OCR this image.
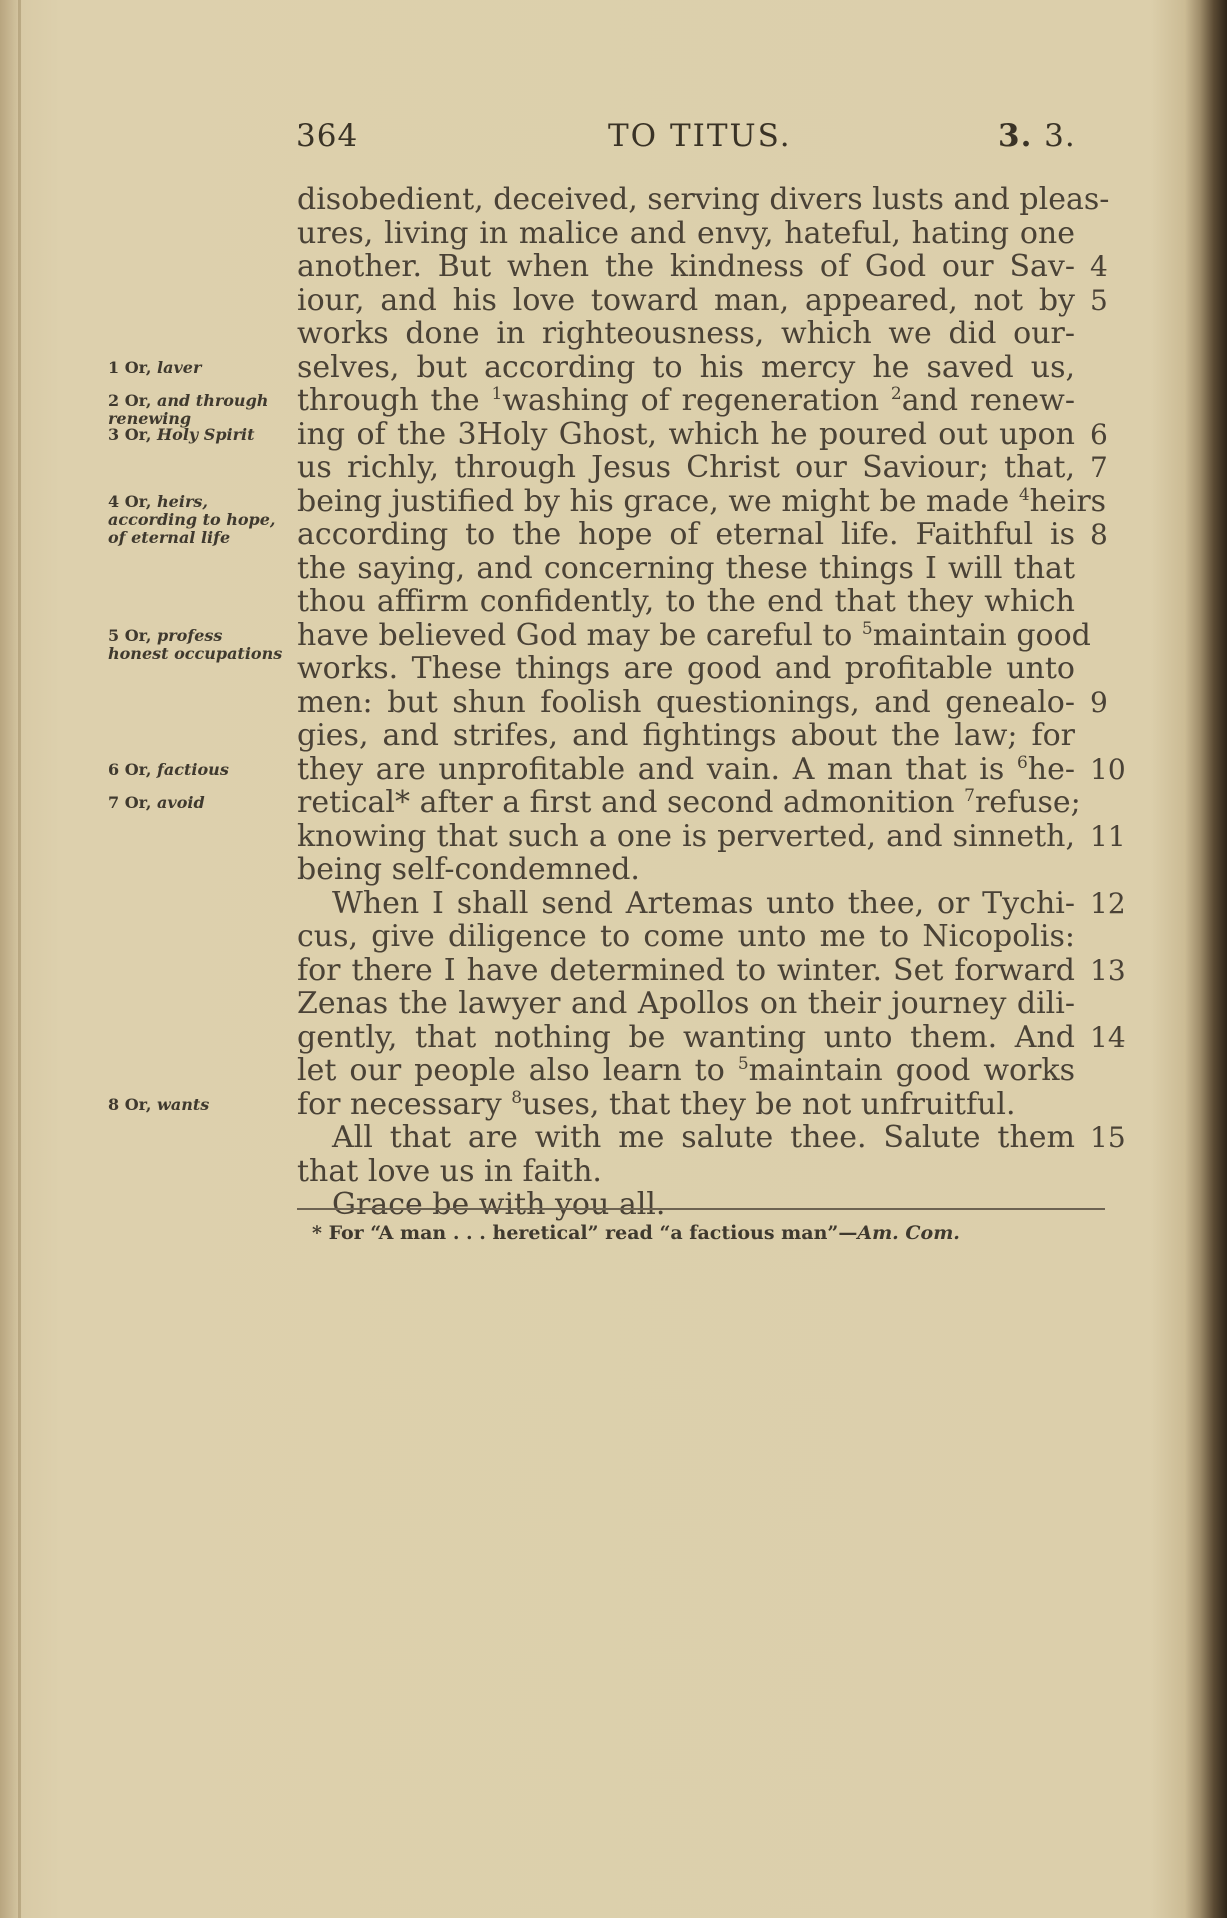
364	TO TITUS.	3. 3.
disobedient, deceived, serving divers lusts and pleas-
ures, living in malice and envy, hateful, hating one
another. But when the kindness of God our Sav-
iour, and his love toward man, appeared, not by
works done in righteousness, which we did our-
selves, but according to his mercy he saved us,
through the $^1$washing of regeneration $^2$and renew-
ing of the 3Holy Ghost, which he poured out upon
us richly, through Jesus Christ our Saviour; that,
being justified by his grace, we might be made $^4$heirs
according to the hope of eternal life. Faithful is
the saying, and concerning these things I will that
thou affirm confidently, to the end that they which
have believed God may be careful to $^5$maintain good
works. These things are good and profitable unto
men: but shun foolish questionings, and genealo-
gies, and strifes, and fightings about the law; for
they are unprofitable and vain. A man that is $^6$he-
retical* after a first and second admonition $^7$refuse;
knowing that such a one is perverted, and sinneth,
being self-condemned.
When I shall send Artemas unto thee, or Tychi-
cus, give diligence to come unto me to Nicopolis:
for there I have determined to winter. Set forward
Zenas the lawyer and Apollos on their journey dili-
gently, that nothing be wanting unto them. And
let our people also learn to $^5$maintain good works
for necessary $^8$uses, that they be not unfruitful.
All that are with me salute thee. Salute them
that love us in faith.
Grace be with you all.
4
5
6
7
8
9
10
11
12
13
14
15
1 Or, laver
2 Or, and through renewing
3 Or, Holy Spirit
4 Or, heirs, according to hope, of eternal life
5 Or, profess honest occupations
6 Or, factious
7 Or, avoid
8 Or, wants
* For “A man . . . heretical” read “a factious man”—Am. Com.
